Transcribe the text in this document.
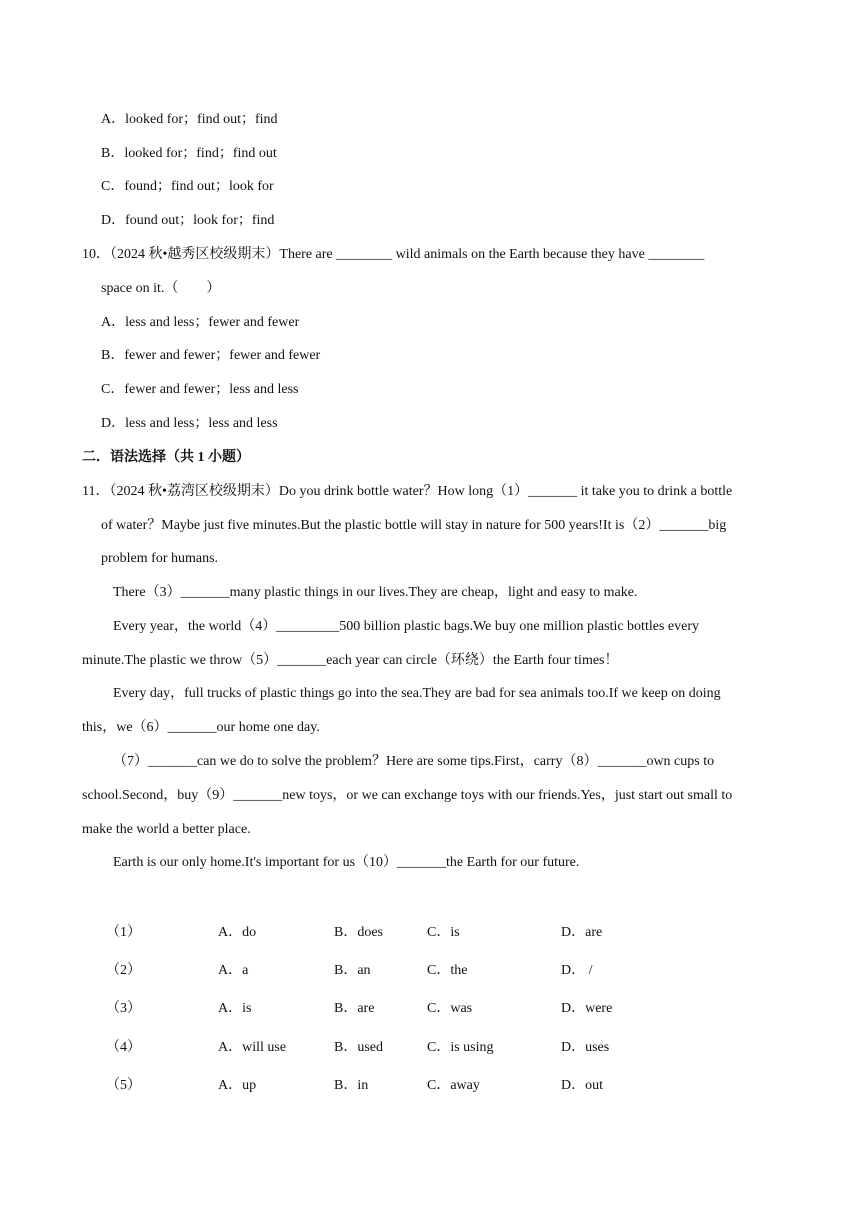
A．looked for；find out；find
B．looked for；find；find out
C．found；find out；look for
D．found out；look for；find
10．（2024 秋•越秀区校级期末）There are ________ wild animals on the Earth because they have ________
space on it.（　　）
A．less and less；fewer and fewer
B．fewer and fewer；fewer and fewer
C．fewer and fewer；less and less
D．less and less；less and less
二．语法选择（共 1 小题）
11．（2024 秋•荔湾区校级期末）Do you drink bottle water？How long（1）_______ it take you to drink a bottle
of water？Maybe just five minutes.But the plastic bottle will stay in nature for 500 years!It is（2）_______big
problem for humans.
There（3）_______many plastic things in our lives.They are cheap，light and easy to make.
Every year，the world（4）_________500 billion plastic bags.We buy one million plastic bottles every
minute.The plastic we throw（5）_______each year can circle（环绕）the Earth four times！
Every day，full trucks of plastic things go into the sea.They are bad for sea animals too.If we keep on doing
this，we（6）_______our home one day.
（7）_______can we do to solve the problem？Here are some tips.First，carry（8）_______own cups to
school.Second，buy（9）_______new toys，or we can exchange toys with our friends.Yes，just start out small to
make the world a better place.
Earth is our only home.It's important for us（10）_______the Earth for our future.
（1）	A．do	B．does	C．is	D．are
（2）	A．a	B．an	C．the	D． /
（3）	A．is	B．are	C．was	D．were
（4）	A．will use	B．used	C．is using	D．uses
（5）	A．up	B．in	C．away	D．out
